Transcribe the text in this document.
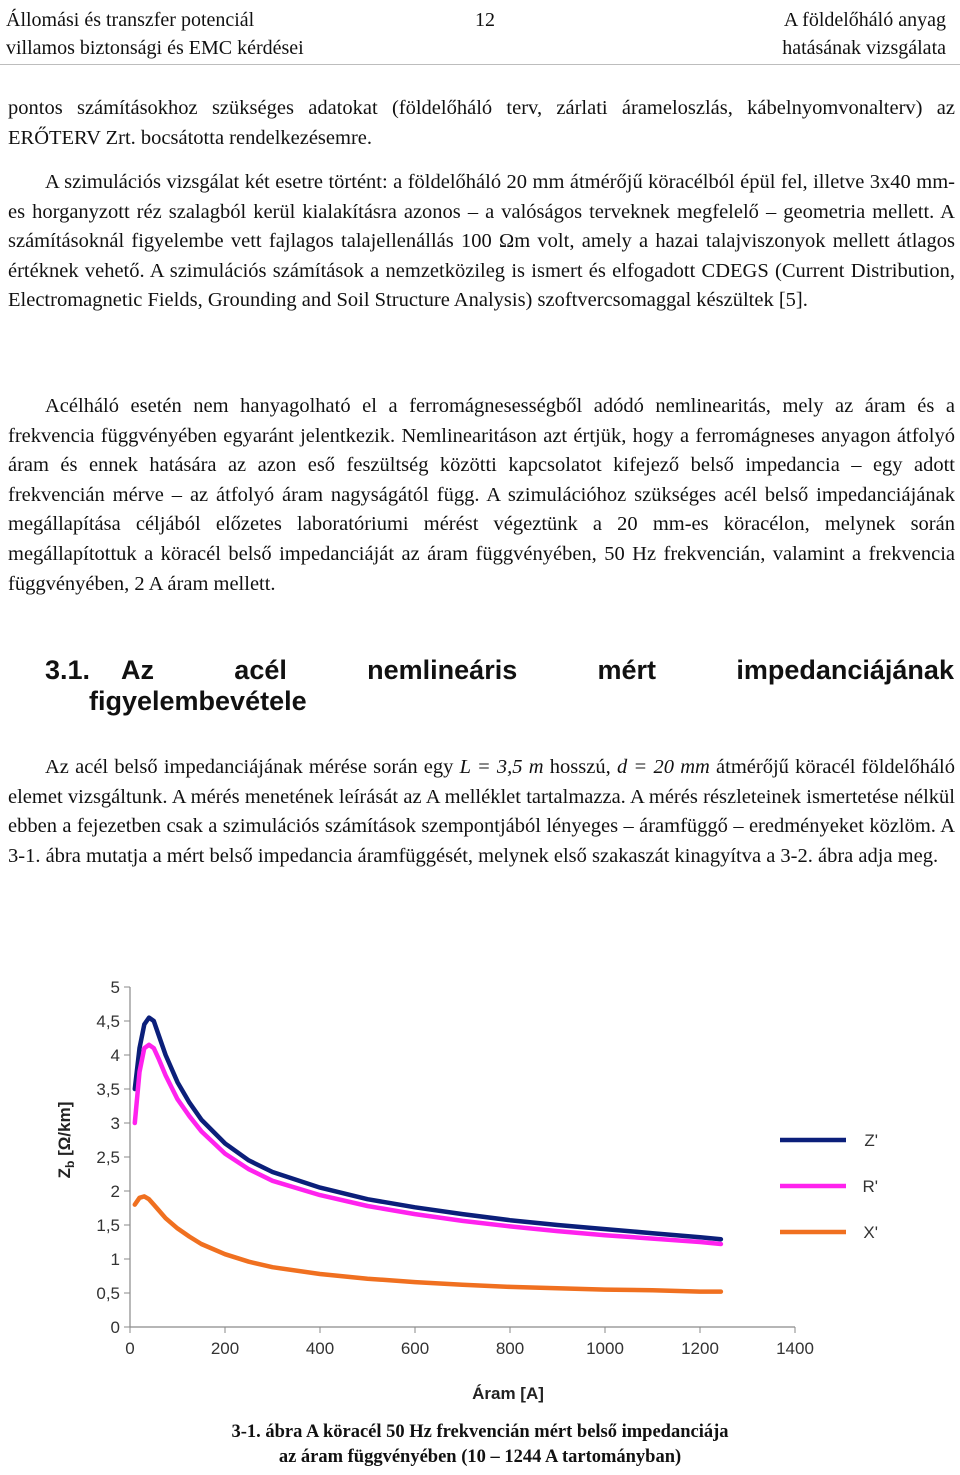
Állomási és transzfer potenciál
villamos biztonsági és EMC kérdései
12	A földelőháló anyag
hatásának vizsgálata

pontos számításokhoz szükséges adatokat (földelőháló terv, zárlati árameloszlás, kábelnyomvonalterv) az ERŐTERV Zrt. bocsátotta rendelkezésemre.

A szimulációs vizsgálat két esetre történt: a földelőháló 20 mm átmérőjű köracélból épül fel, illetve 3x40 mm-es horganyzott réz szalagból kerül kialakításra azonos – a valóságos terveknek megfelelő – geometria mellett. A számításoknál figyelembe vett fajlagos talajellenállás 100 Ωm volt, amely a hazai talajviszonyok mellett átlagos értéknek vehető. A szimulációs számítások a nemzetközileg is ismert és elfogadott CDEGS (Current Distribution, Electromagnetic Fields, Grounding and Soil Structure Analysis) szoftvercsomaggal készültek [5].

Acélháló esetén nem hanyagolható el a ferromágnesességből adódó nemlinearitás, mely az áram és a frekvencia függvényében egyaránt jelentkezik. Nemlinearitáson azt értjük, hogy a ferromágneses anyagon átfolyó áram és ennek hatására az azon eső feszültség közötti kapcsolatot kifejező belső impedancia – egy adott frekvencián mérve – az átfolyó áram nagyságától függ. A szimulációhoz szükséges acél belső impedanciájának megállapítása céljából előzetes laboratóriumi mérést végeztünk a 20 mm-es köracélon, melynek során megállapítottuk a köracél belső impedanciáját az áram függvényében, 50 Hz frekvencián, valamint a frekvencia függvényében, 2 A áram mellett.

3.1. Az	acél	nemlineáris	mért	impedanciájának
figyelembevétele

Az acél belső impedanciájának mérése során egy L = 3,5 m hosszú, d = 20 mm átmérőjű köracél földelőháló elemet vizsgáltunk. A mérés menetének leírását az A melléklet tartalmazza. A mérés részleteinek ismertetése nélkül ebben a fejezetben csak a szimulációs számítások szempontjából lényeges – áramfüggő – eredményeket közlöm. A 3-1. ábra mutatja a mért belső impedancia áramfüggését, melynek első szakaszát kinagyítva a 3-2. ábra adja meg.

0
0,5
1
1,5
2
2,5
3
3,5
4
4,5
5
0	200	400	600	800	1000	1200	1400
Z'
R'
X'
Áram [A]
$Z_b$ [Ω/km]
3-1. ábra A köracél 50 Hz frekvencián mért belső impedanciája
az áram függvényében (10 – 1244 A tartományban)
